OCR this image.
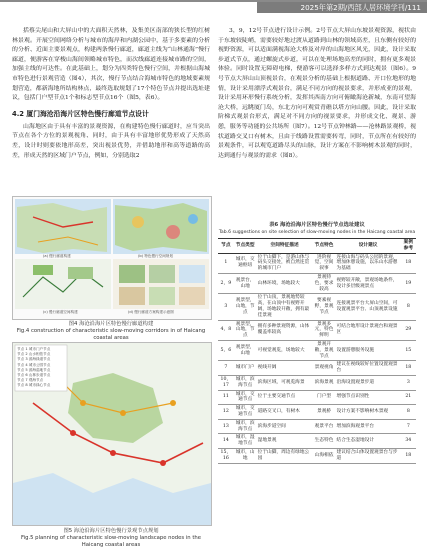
2025年第2期/西部人居环境学刊/111

括蔡尖尾山和大屏山中的大面积天然林，及集美区南部的狭长型的红树林景观。开展空间网络分析与城市的海岸和内湖公园中，基于多要素的分析的分析、近面主要景观点，构建两条慢行廊道，廊道主线为“山林通海”慢行廊道，便游客在穿梭山海间领略城市特色，而次线廊道连接城市路的空间，加强主线的可达性。在此基础上，划分为四类特色慢行空间，并根据山海城市特色进行景观营造（图4），其次，慢行节点结合海城市特色的地域要素规划营造，都新海地所结构林点，最终选取规划了17个特色节点并提出选址建议，包括门户型节点1个和标志型节点16个（图5，表6）。

4.2 厦门海沧沿海片区特色慢行廊道节点设计

山海地区由于具有丰富的景观资源，在构建特色慢行廊道时，应当突出节点在各个方位的景观视角、同时，由于具有丰富地形优势形成了天然高差，设计时则要依地形高差，突出视景优势，并借助地形和高等道路的高差，形成天然的区域门户节点，例如，分别选取2

(a) 慢行廊道构建	(b) 特色慢行空间规划
(c) 慢行廊道空间构建	(d) 慢行廊道方案构建示意图
图4 海沧沿海片区特色慢行廊道构建
Fig.4 construction of characteristic slow-moving corridors in of Haicang coastal areas
节点 1 城市门户节点
节点 2 山水相依节点
节点 3 滨海绿道节点
节点 4 城市公园节点
节点 5 滨海湿地节点
节点 6 山林步道节点
节点 7 观海节点
节点 8 城市绿心节点
图5 海沧沿海片区特色慢行景观节点规划
Fig.5 planning of characteristic slow-moving landscape nodes in the Haicang coastal areas

3，9，12号节点进行设计示例。2号节点大屏山东坡景观资源，视状由于东坡较陡峭，需要较好地过渡从道路到山林的领域高差，且东侧有较好的视野资源，可以适面满视海沧大桥及对岸的山海地区风光，因此，设计采取步道式节点，通过螺旋式步道，可以在处理场地高差的同时，拥有更多观景体验。同时设置无障碍电梯，便游客可以选择多样方式到达观景（图6）。9号节点大屏山山顶视景台，在观景分析的基础上根据道路、开口位地形的地情，设计采用漂浮式观景台，满足不同方向的视景要求，并形成亚的景观，设计采用环形慢行系统分析，发挥其西南方向可俯瞰海沧新城，东南可望海沧大桥，远眺厦门岛，东北方向可观赏青礁以塔方向山腰。因此，设计采取阶梯式观景台形式，满足对不同方向的视景要求，并形成文化、观景、游憩，服务等功能的公共场所（图7）。12号节点钟林路——沧林路景观桥，视状道路交叉口有树木，且由于线路设置需要转弯，同时，节点所在有较好的景观条件，可以观览道路尽头的山脉，设计方案在不影响树木景观的同时，达到通行与观景的需求（图8）。

表6 海沧沿海片区特色慢行节点选址建议
Tab.6 suggestions on site selection of slow-moving nodes in the Haicang coastal area
节点	节点类型	空间特征描述	节点特色	设计建议	案例参考
1	城市，交通枢纽	位于山脚下，是游山体与码头交接处，被自然连贯的城市门户	进阶视觉，空间叙事	连接山海与码头公园的景观，增加休憩设施，以乐山水游憩为基础	18
2，9	观景台，山地	山林环境，场地较大	景观特色，要求较高	视野较开敞，景观场地条件，设计多层级观景点	19
3	观景型，山地，节点	位于山顶，景观地势较高，在山顶中有视野开阔，场地较开敞，拥有最佳景观	要素视野，景观节点	连接观景平台大屏山空间，可设置观景平台、山顶观景设施	8
4，8	观景型，山地，节点	拥有多种景观资源，山体覆盖率较高	景观多元，特色鲜明	可结合地形设计景观台和观景区	29
5，6	观景型，山地	可视觉观览，场地较大	景观开敞，景观节点	设置游憩服务设施	15
7	城市门户	视线开阔	景观视角	建议在视线较好位置设置观景台	18
10，17	城市，滨海节点	滨海区域，可观览海景	滨海景观	沿海设置观景步道	3
11	城市，交通节点	位于主要交通节点	门户型	增强节点识别性	21
12	城市，交通节点	道路交叉口，有树木	景观桥	设计方案不影响树木景观	8
13	城市，滨海节点	滨海步道空间	观景平台	增加滨海观景平台	7
14	城市，湿地节点	湿地景观	生态特色	结合生态湿地设计	34
15，16	城市，山地	位于山脚，周边有绿地公园	山海相依	建议结合山体设置观景台与步道	18
